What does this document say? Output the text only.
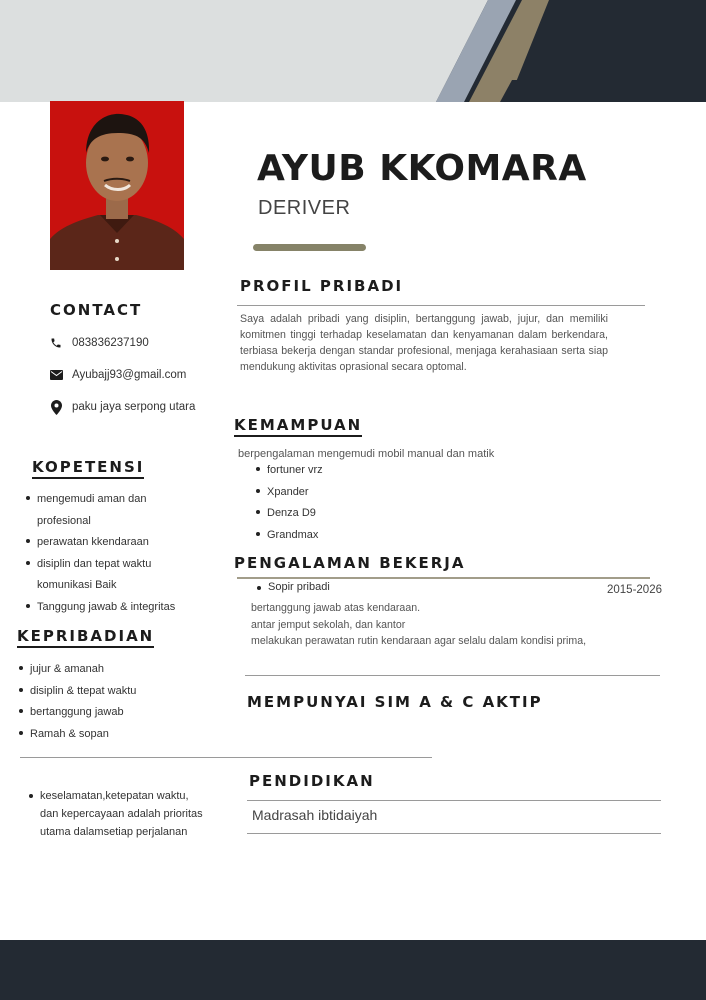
AYUB KKOMARA
DERIVER
CONTACT
083836237190
Ayubajj93@gmail.com
paku jaya serpong utara
KOPETENSI
mengemudi aman dan profesional
perawatan kkendaraan
disiplin dan tepat waktu komunikasi Baik
Tanggung jawab & integritas
KEPRIBADIAN
jujur & amanah
disiplin & ttepat waktu
bertanggung jawab
Ramah & sopan
keselamatan,ketepatan waktu, dan kepercayaan adalah prioritas utama dalamsetiap perjalanan
PROFIL PRIBADI
Saya adalah pribadi yang disiplin, bertanggung jawab, jujur, dan memiliki komitmen tinggi terhadap keselamatan dan kenyamanan dalam berkendara, terbiasa bekerja dengan standar profesional, menjaga kerahasiaan serta siap mendukung aktivitas oprasional secara optomal.
KEMAMPUAN
berpengalaman mengemudi mobil manual dan matik
fortuner vrz
Xpander
Denza D9
Grandmax
PENGALAMAN BEKERJA
Sopir pribadi	2015-2026
bertanggung jawab atas kendaraan.
antar jemput sekolah, dan kantor
melakukan perawatan rutin kendaraan agar selalu dalam kondisi prima,
MEMPUNYAI SIM A & C AKTIP
PENDIDIKAN
Madrasah ibtidaiyah
